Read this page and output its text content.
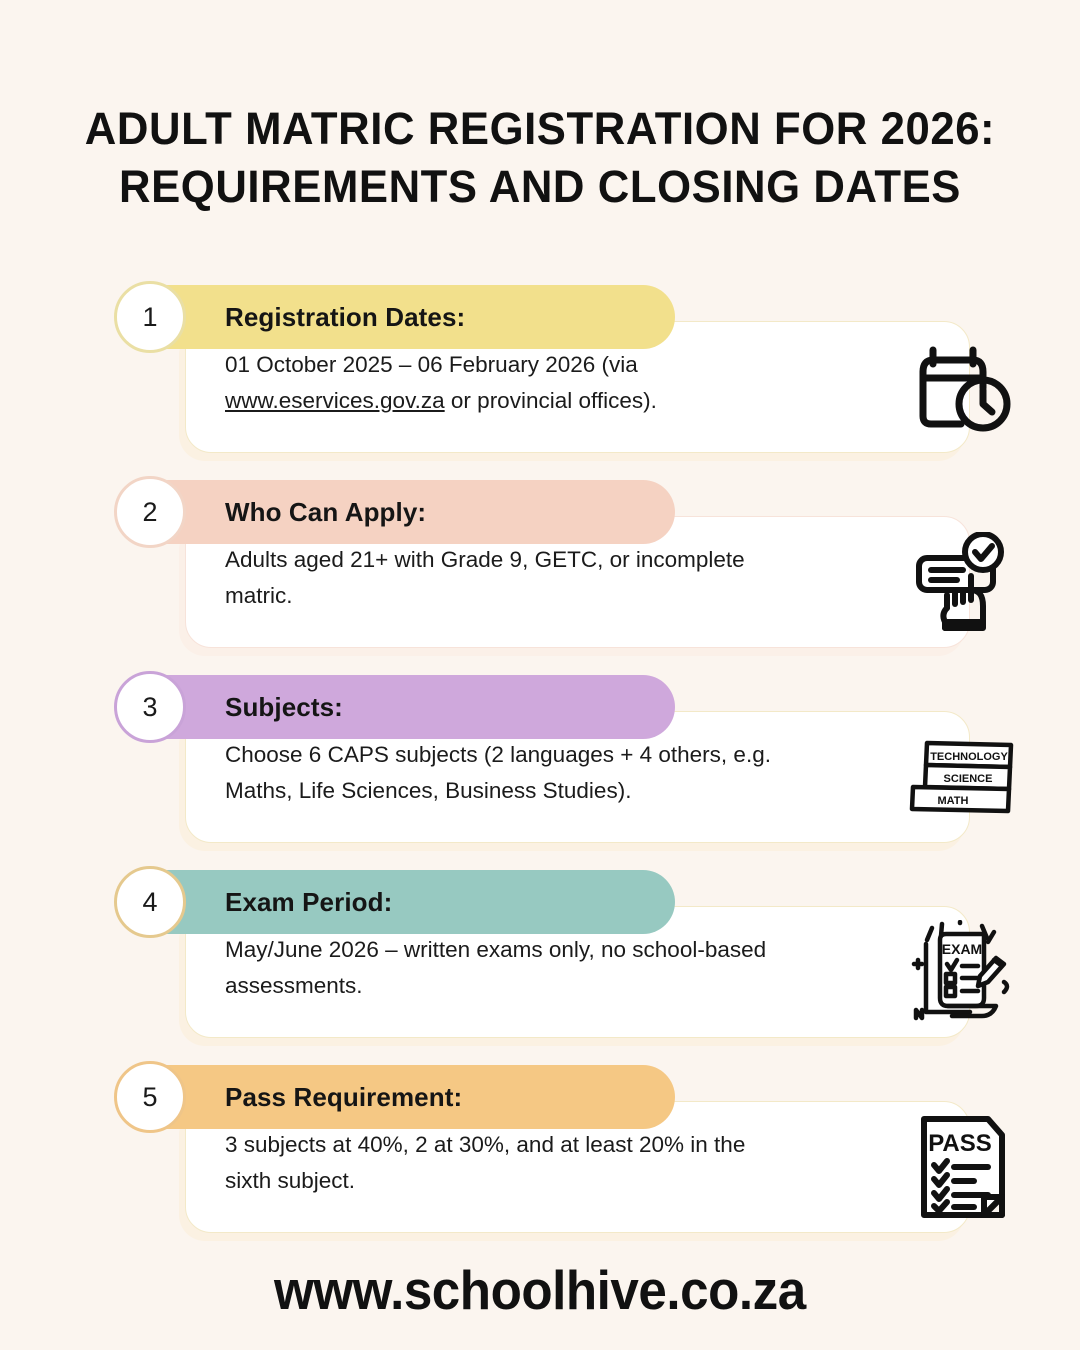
ADULT MATRIC REGISTRATION FOR 2026:
REQUIREMENTS AND CLOSING DATES
Registration Dates:
1
01 October 2025 – 06 February 2026 (via www.eservices.gov.za or provincial offices).
Who Can Apply:
2
Adults aged 21+ with Grade 9, GETC, or incomplete matric.
Subjects:
3
Choose 6 CAPS subjects (2 languages + 4 others, e.g. Maths, Life Sciences, Business Studies).
TECHNOLOGY
SCIENCE
MATH
Exam Period:
4
May/June 2026 – written exams only, no school-based assessments.
EXAM
Pass Requirement:
5
3 subjects at 40%, 2 at 30%, and at least 20% in the sixth subject.
PASS
www.schoolhive.co.za
